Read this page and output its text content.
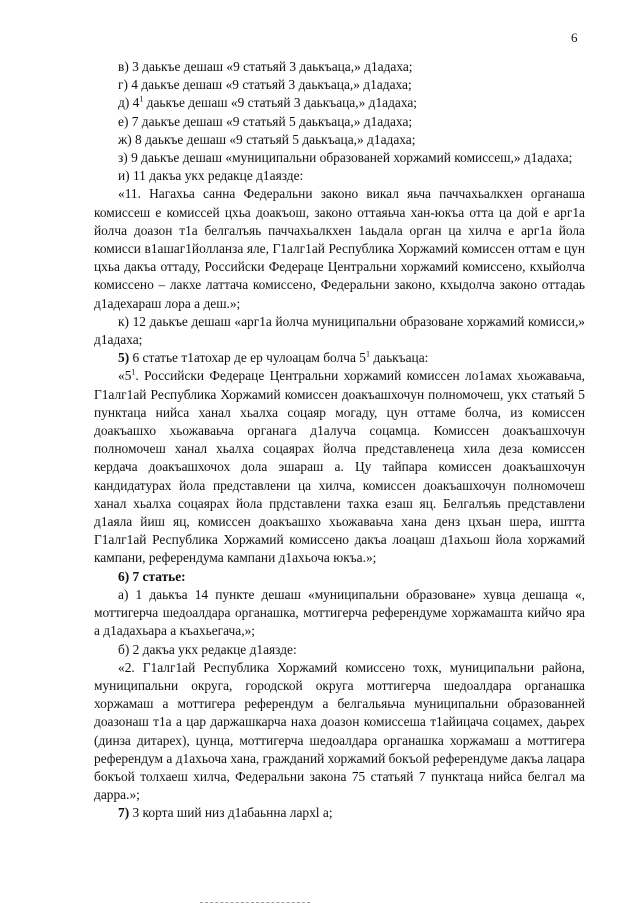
6

в) 3 даькъе дешаш «9 статьяй 3 даькъаца,» д1адаха;

г) 4 даькъе дешаш «9 статьяй 3 даькъаца,» д1адаха;

д) $4^1$ даькъе дешаш «9 статьяй 3 даькъаца,» д1адаха;

е) 7 даькъе дешаш «9 статьяй 5 даькъаца,» д1адаха;

ж) 8 даькъе дешаш «9 статьяй 5 даькъаца,» д1адаха;

з) 9 даькъе дешаш «муниципальни образованей хоржамий комиссеш,» д1адаха;

и) 11 дакъа укх редакце д1аязде:

«11. Нагахьа санна Федеральни законо викал яьча паччахьалкхен органаша комиссеш е комиссей цхьа доакъош, законо оттаяьча хан-юкъа отта ца дой е арг1а йолча доазон т1а белгалъяь паччахьалкхен 1аьдала орган ца хилча е арг1а йола комисси в1ашаг1йолланза яле, Г1алг1ай Республика Хоржамий комиссен оттам е цун цхьа дакъа оттаду, Российски Федераце Центральни хоржамий комиссено, кхыйолча комиссено – лакхе латтача комиссено, Федеральни законо, кхыдолча законо оттадаь д1адехараш лора а деш.»;

к) 12 даькъе дешаш «арг1а йолча муниципальни образоване хоржамий комисси,» д1адаха;

5) 6 статье т1атохар де ер чулоацам болча $5^1$ даькъаца:

«$5^1$. Российски Федераце Центральни хоржамий комиссен ло1амах хьожаваьча, Г1алг1ай Республика Хоржамий комиссен доакъашхочун полномочеш, укх статьяй 5 пунктаца нийса ханал хьалха соцаяр могаду, цун оттаме болча, из комиссен доакъашхо хьожаваьча органага д1алуча соцамца. Комиссен доакъашхочун полномочеш ханал хьалха соцаярах йолча представленеца хила деза комиссен кердача доакъашхочох дола эшараш а. Цу тайпара комиссен доакъашхочун кандидатурах йола представлени ца хилча, комиссен доакъашхочун полномочеш ханал хьалха соцаярах йола прдставлени тахка езаш яц. Белгалъяь представлени д1аяла йиш яц, комиссен доакъашхо хьожаваьча хана денз цхьан шера, иштта Г1алг1ай Республика Хоржамий комиссено дакъа лоацаш д1ахьош йола хоржамий кампани, референдума кампани д1ахьоча юкъа.»;

6) 7 статье:

а) 1 даькъа 14 пункте дешаш «муниципальни образоване» хувца дешаща «, моттигерча шедоалдара органашка, моттигерча референдуме хоржамашта кийчо яра а д1адахьара а къахьегача,»;

б) 2 дакъа укх редакце д1аязде:

«2. Г1алг1ай Республика Хоржамий комиссено тохк, муниципальни района, муниципальни округа, городской округа моттигерча шедоалдара органашка хоржамаш а моттигера референдум а белгальяьча муниципальни образованней доазонаш т1а а цар даржашкарча наха доазон комиссеша т1айицача соцамех, даьрех (динза дитарех), цунца, моттигерча шедоалдара органашка хоржамаш а моттигера референдум а д1ахьоча хана, гражданий хоржамий бокъой референдуме дакъа лацара бокъой толхаеш хилча, Федеральни закона 75 статьяй 7 пунктаца нийса белгал ма дарра.»;

7) 3 корта ший низ д1абаьнна лархl а;
